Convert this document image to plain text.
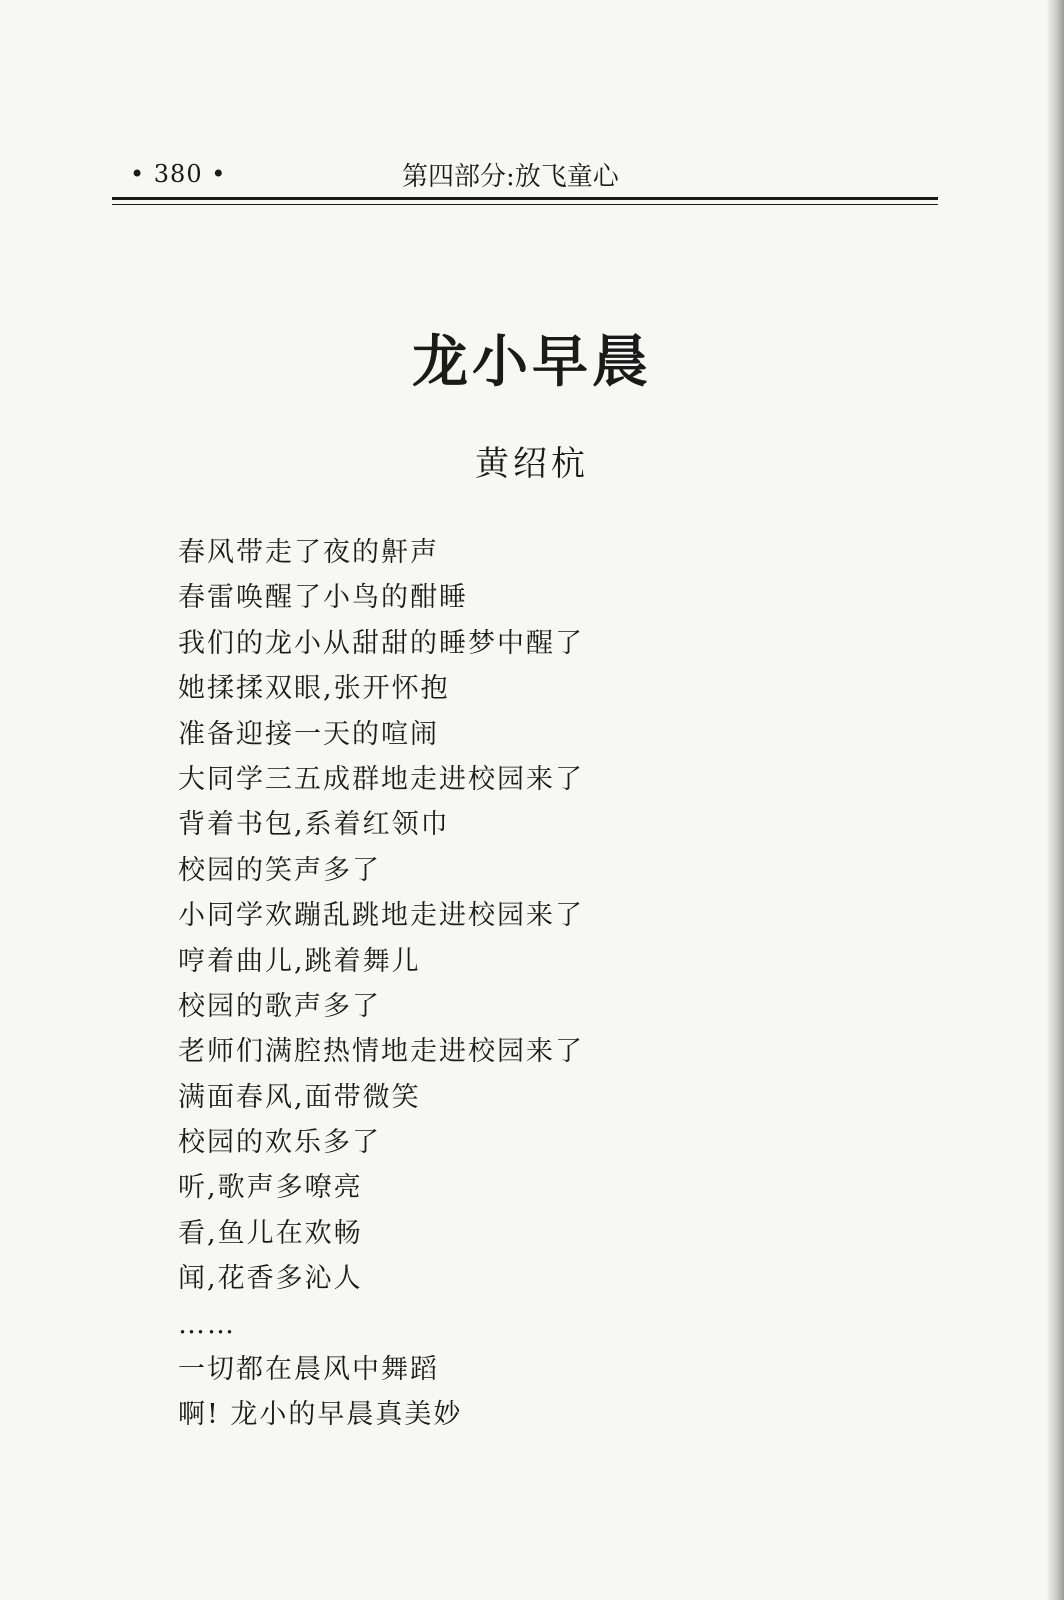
• 380 •	第四部分:放飞童心
龙小早晨
黄绍杭
春风带走了夜的鼾声
春雷唤醒了小鸟的酣睡
我们的龙小从甜甜的睡梦中醒了
她揉揉双眼,张开怀抱
准备迎接一天的喧闹
大同学三五成群地走进校园来了
背着书包,系着红领巾
校园的笑声多了
小同学欢蹦乱跳地走进校园来了
哼着曲儿,跳着舞儿
校园的歌声多了
老师们满腔热情地走进校园来了
满面春风,面带微笑
校园的欢乐多了
听,歌声多嘹亮
看,鱼儿在欢畅
闻,花香多沁人
……
一切都在晨风中舞蹈
啊! 龙小的早晨真美妙
